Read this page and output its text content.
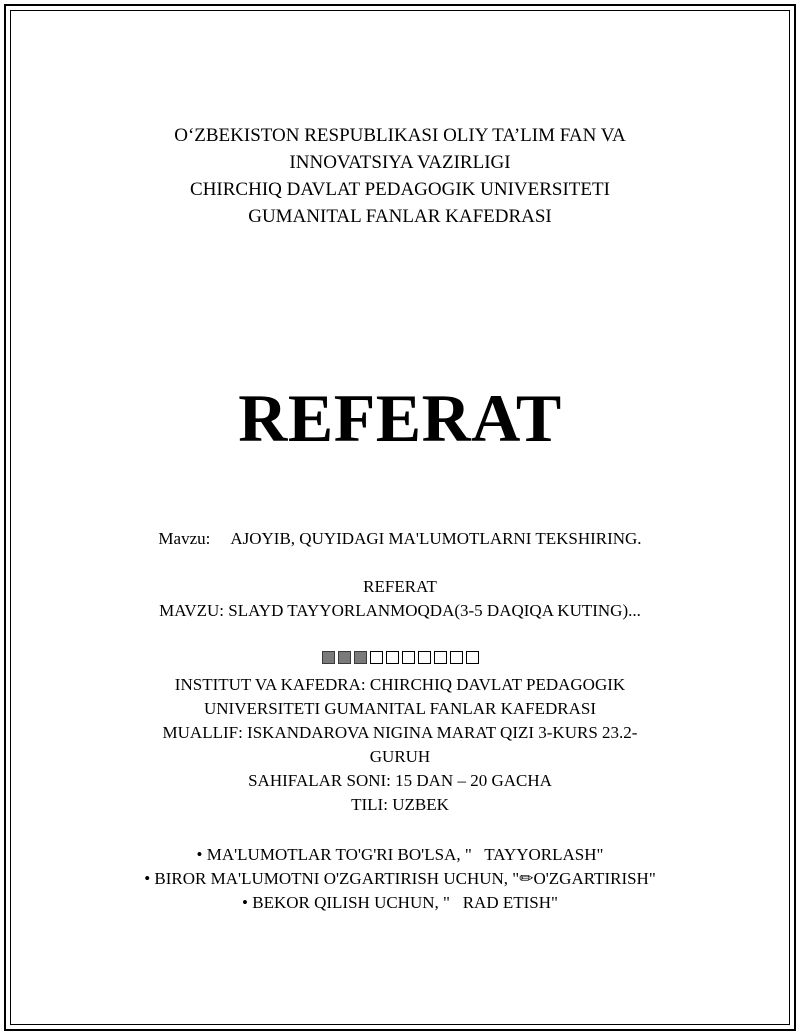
O‘ZBEKISTON RESPUBLIKASI OLIY TA’LIM FAN VA
INNOVATSIYA VAZIRLIGI
CHIRCHIQ DAVLAT PEDAGOGIK UNIVERSITETI
GUMANITAL FANLAR KAFEDRASI
REFERAT
Mavzu: AJOYIB, QUYIDAGI MA'LUMOTLARNI TEKSHIRING.
REFERAT
MAVZU: SLAYD TAYYORLANMOQDA(3-5 DAQIQA KUTING)...
INSTITUT VA KAFEDRA: CHIRCHIQ DAVLAT PEDAGOGIK
UNIVERSITETI GUMANITAL FANLAR KAFEDRASI
MUALLIF: ISKANDAROVA NIGINA MARAT QIZI 3-KURS 23.2-
GURUH
SAHIFALAR SONI: 15 DAN – 20 GACHA
TILI: UZBEK
• MA'LUMOTLAR TO'G'RI BO'LSA, "   TAYYORLASH"
• BIROR MA'LUMOTNI O'ZGARTIRISH UCHUN, "✏O'ZGARTIRISH"
• BEKOR QILISH UCHUN, "   RAD ETISH"
